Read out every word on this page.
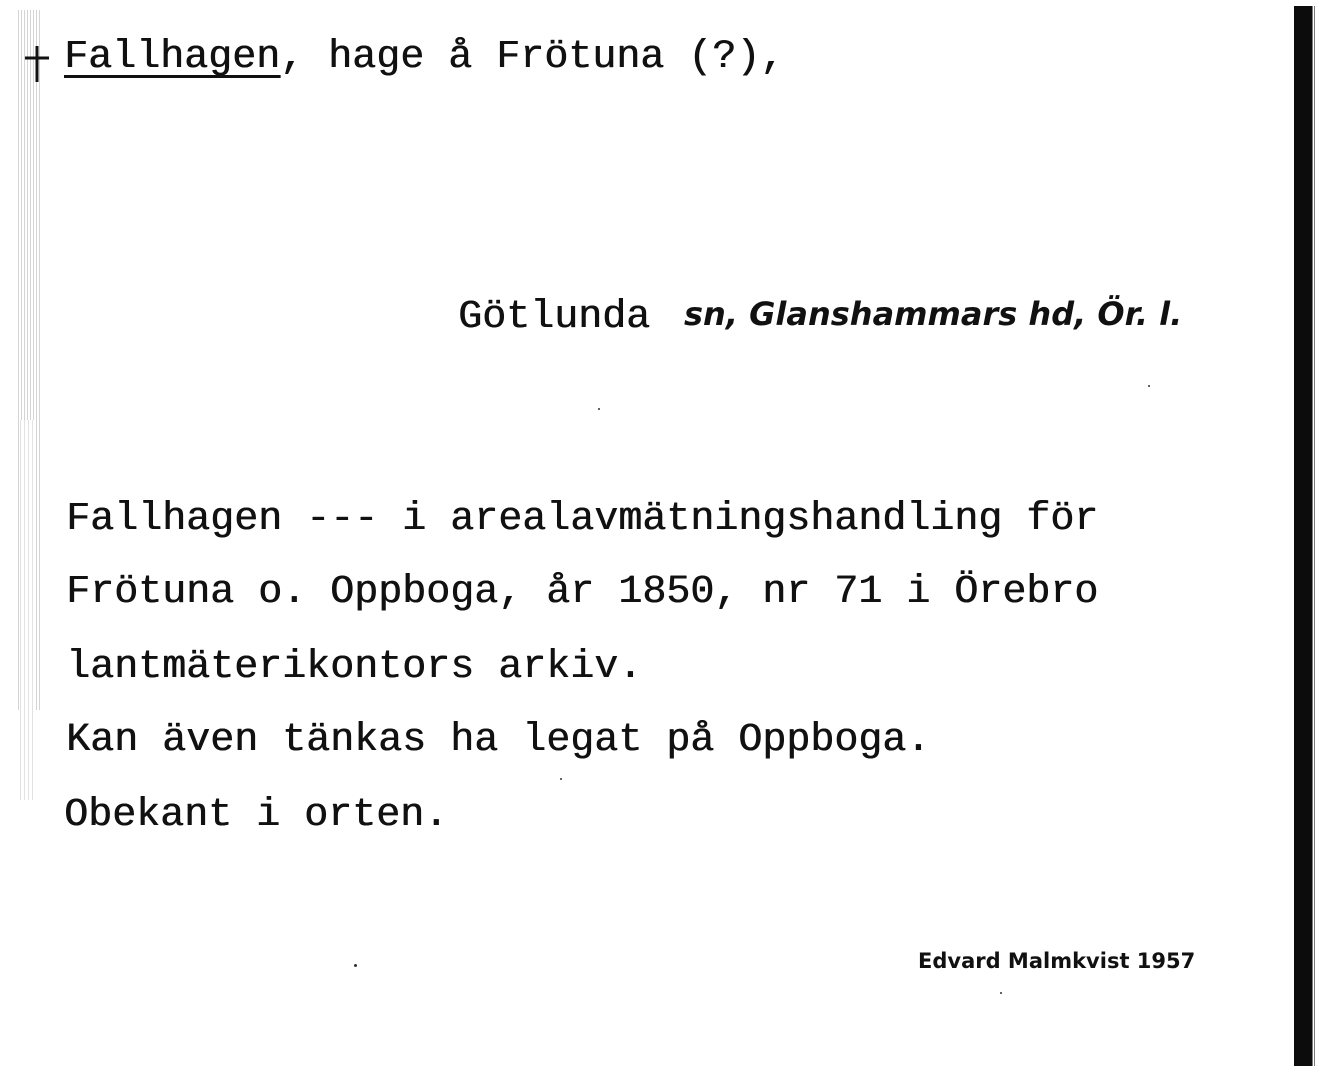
Fallhagen, hage å Frötuna (?),
Götlunda sn, Glanshammars hd, Ör. l.
Fallhagen --- i arealavmätningshandling för
Frötuna o. Oppboga, år 1850, nr 71 i Örebro
lantmäterikontors arkiv.
Kan även tänkas ha legat på Oppboga.
Obekant i orten.
Edvard Malmkvist 1957
